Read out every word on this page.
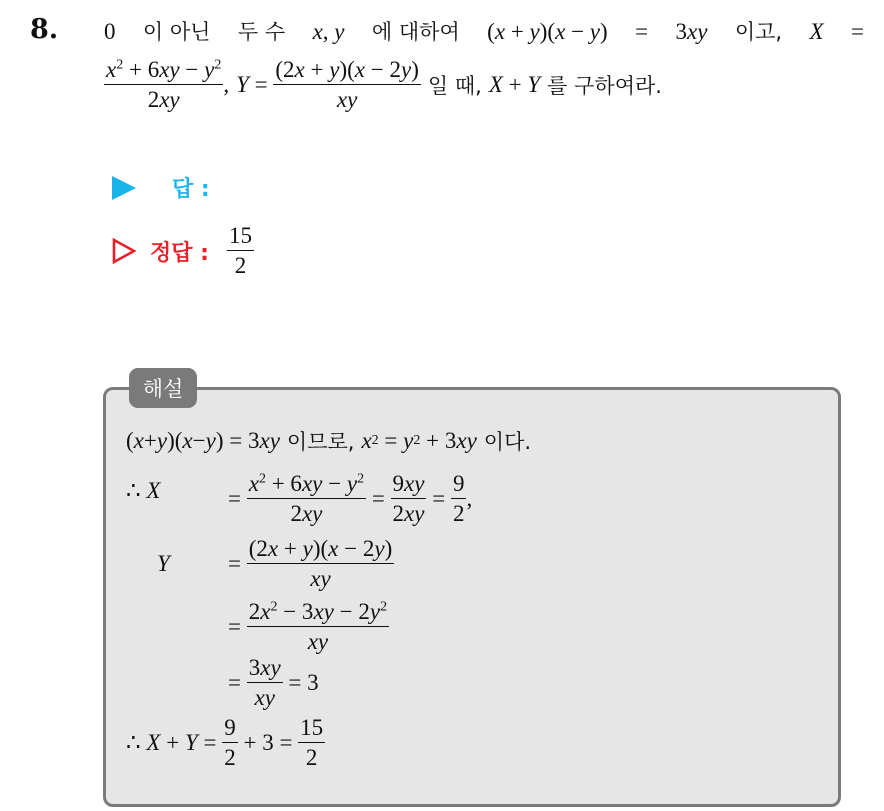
8. 0 이 아닌 두 수 x, y 에 대하여 (x + y)(x − y) = 3xy 이고, X =
$\frac{x^2 + 6xy - y^2}{2xy}$ , $Y = \frac{(2x + y)(x - 2y)}{xy}$ 일 때, X + Y 를 구하여라.
답 :
정답 : $\frac{15}{2}$
해설
( x + y )( x − y ) = 3 xy 이므로, x 2 = y 2 + 3 xy 이다.
∴ X	= $\frac{x^2 + 6xy - y^2}{2xy} = \frac{9xy}{2xy} = \frac{9}{2}$ ,
Y	= $\frac{(2x + y)(x - 2y)}{xy}$
= $\frac{2x^2 - 3xy - 2y^2}{xy}$
= $\frac{3xy}{xy} = 3$
∴ $X + Y = \frac{9}{2} + 3 = \frac{15}{2}$
